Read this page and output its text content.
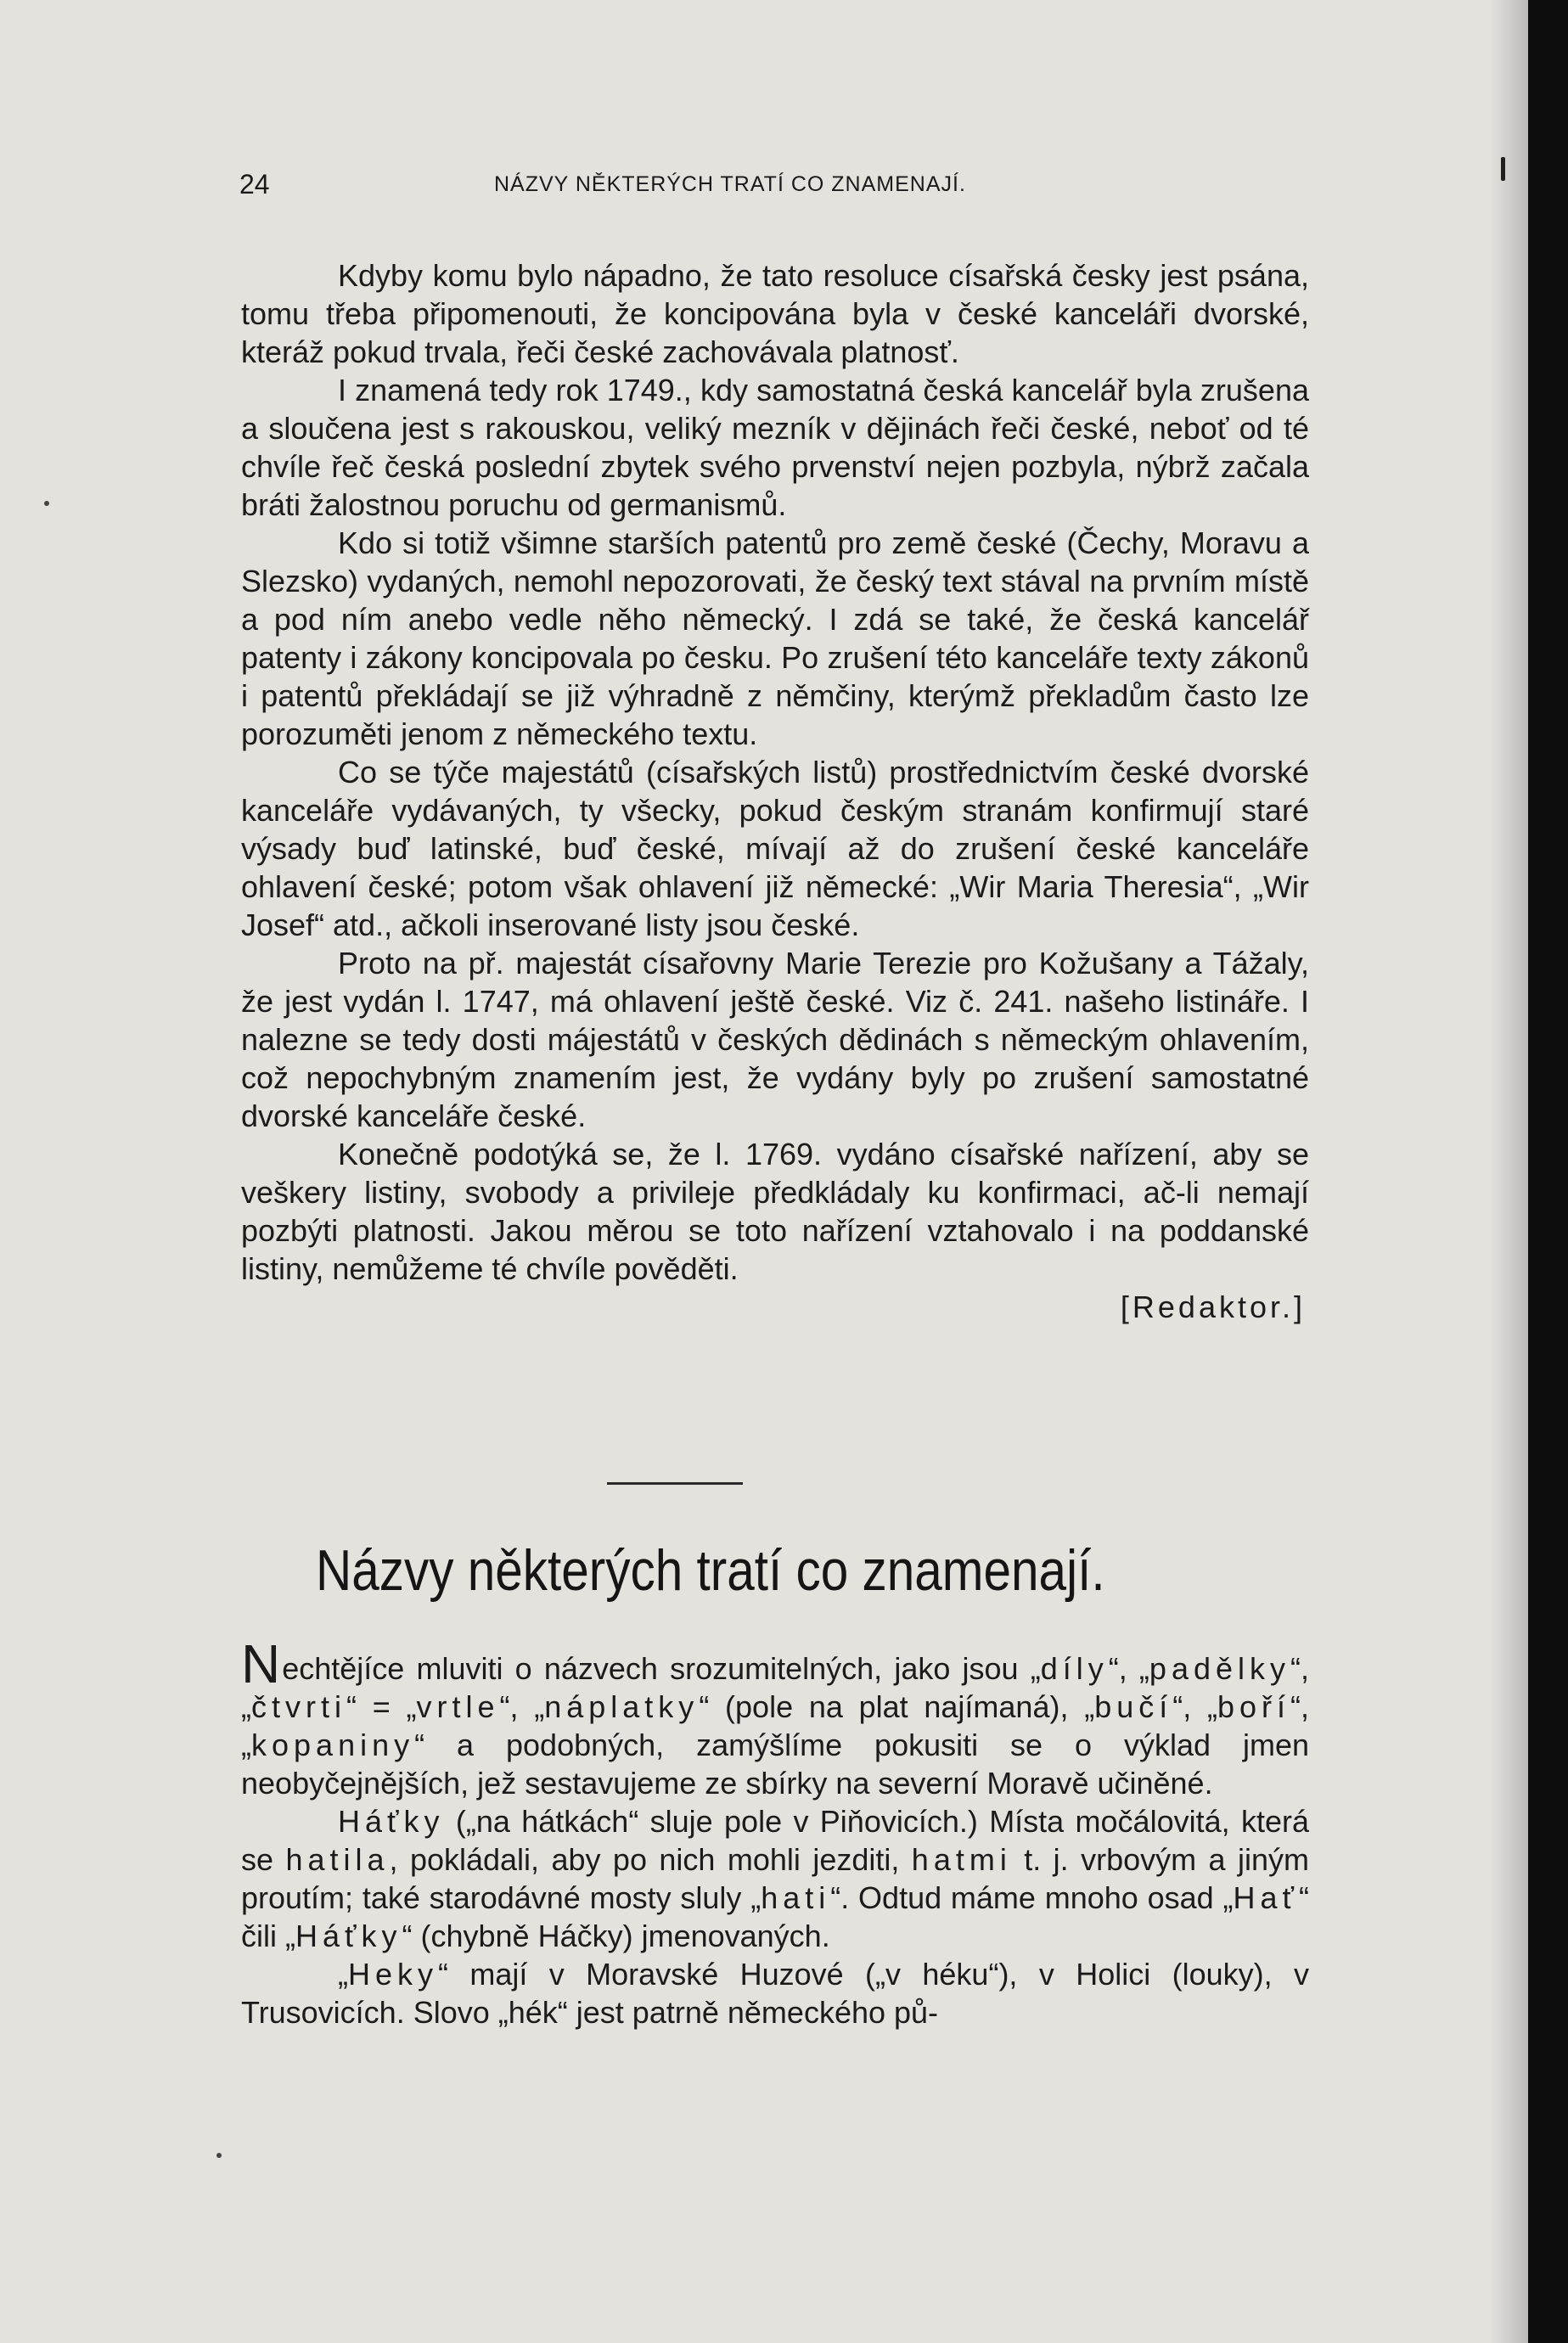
24	NÁZVY NĚKTERÝCH TRATÍ CO ZNAMENAJÍ.

Kdyby komu bylo nápadno, že tato resoluce císařská česky jest psána, tomu třeba připomenouti, že koncipována byla v české kanceláři dvorské, kteráž pokud trvala, řeči české zachovávala platnosť.

I znamená tedy rok 1749., kdy samostatná česká kancelář byla zrušena a sloučena jest s rakouskou, veliký mezník v dějinách řeči české, neboť od té chvíle řeč česká poslední zbytek svého prvenství nejen pozbyla, nýbrž začala bráti žalostnou poruchu od germanismů.

Kdo si totiž všimne starších patentů pro země české (Čechy, Moravu a Slezsko) vydaných, nemohl nepozorovati, že český text stával na prvním místě a pod ním anebo vedle něho německý. I zdá se také, že česká kancelář patenty i zákony koncipovala po česku. Po zrušení této kanceláře texty zákonů i patentů překládají se již výhradně z němčiny, kterýmž překladům často lze porozuměti jenom z německého textu.

Co se týče majestátů (císařských listů) prostřednictvím české dvorské kanceláře vydávaných, ty všecky, pokud českým stranám konfirmují staré výsady buď latinské, buď české, mívají až do zrušení české kanceláře ohlavení české; potom však ohlavení již německé: „Wir Maria Theresia“, „Wir Josef“ atd., ačkoli inserované listy jsou české.

Proto na př. majestát císařovny Marie Terezie pro Kožušany a Tážaly, že jest vydán l. 1747, má ohlavení ještě české. Viz č. 241. našeho listináře. I nalezne se tedy dosti májestátů v českých dědinách s německým ohlavením, což nepochybným znamením jest, že vydány byly po zrušení samostatné dvorské kanceláře české.

Konečně podotýká se, že l. 1769. vydáno císařské nařízení, aby se veškery listiny, svobody a privileje předkládaly ku konfirmaci, ač-li nemají pozbýti platnosti. Jakou měrou se toto nařízení vztahovalo i na poddanské listiny, nemůžeme té chvíle pověděti.

[Redaktor.]
Názvy některých tratí co znamenají.

Nechtějíce mluviti o názvech srozumitelných, jako jsou „díly“, „padělky“, „čtvrti“ = „vrtle“, „náplatky“ (pole na plat najímaná), „bučí“, „boří“, „kopaniny“ a podobných, zamýšlíme pokusiti se o výklad jmen neobyčejnějších, jež sestavujeme ze sbírky na severní Moravě učiněné.

Háťky („na hátkách“ sluje pole v Piňovicích.) Místa močálovitá, která se hatila, pokládali, aby po nich mohli jezditi, hatmi t. j. vrbovým a jiným proutím; také starodávné mosty sluly „hati“. Odtud máme mnoho osad „Hať“ čili „Háťky“ (chybně Háčky) jmenovaných.

„Heky“ mají v Moravské Huzové („v héku“), v Holici (louky), v Trusovicích. Slovo „hék“ jest patrně německého pů-
